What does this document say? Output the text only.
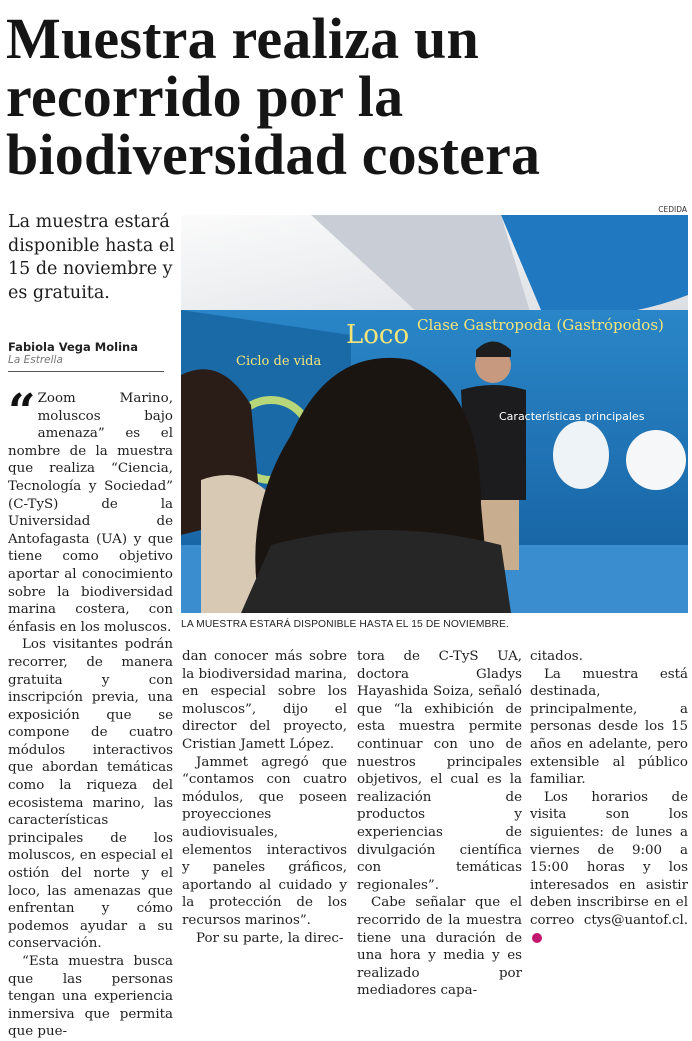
Muestra realiza un
recorrido por la
biodiversidad costera

La muestra estará disponible hasta el 15 de noviembre y es gratuita.

Fabiola Vega Molina
La Estrella
CEDIDA
Ciclo de vida
Loco Clase Gastropoda (Gastrópodos)
Características principales
LA MUESTRA ESTARÁ DISPONIBLE HASTA EL 15 DE NOVIEMBRE.
“ Zoom Marino, moluscos bajo amenaza” es el nombre de la muestra que realiza “Ciencia, Tecnología y Sociedad” (C-TyS) de la Universidad de Antofagasta (UA) y que tiene como objetivo aportar al conocimiento sobre la biodiversidad marina costera, con énfasis en los moluscos.

Los visitantes podrán recorrer, de manera gratuita y con inscripción previa, una exposición que se compone de cuatro módulos interactivos que abordan temáticas como la riqueza del ecosistema marino, las características principales de los moluscos, en especial el ostión del norte y el loco, las amenazas que enfrentan y cómo podemos ayudar a su conservación.

“Esta muestra busca que las personas tengan una experiencia inmersiva que permita que pue-

dan conocer más sobre la biodiversidad marina, en especial sobre los moluscos”, dijo el director del proyecto, Cristian Jamett López.

Jammet agregó que “contamos con cuatro módulos, que poseen proyecciones audiovisuales, elementos interactivos y paneles gráficos, aportando al cuidado y la protección de los recursos marinos”.

Por su parte, la direc-

tora de C-TyS UA, doctora Gladys Hayashida Soiza, señaló que “la exhibición de esta muestra permite continuar con uno de nuestros principales objetivos, el cual es la realización de productos y experiencias de divulgación científica con temáticas regionales”.

Cabe señalar que el recorrido de la muestra tiene una duración de una hora y media y es realizado por mediadores capa-

citados.

La muestra está destinada, principalmente, a personas desde los 15 años en adelante, pero extensible al público familiar.

Los horarios de visita son los siguientes: de lunes a viernes de 9:00 a 15:00 horas y los interesados en asistir deben inscribirse en el correo ctys@uantof.cl.✪
